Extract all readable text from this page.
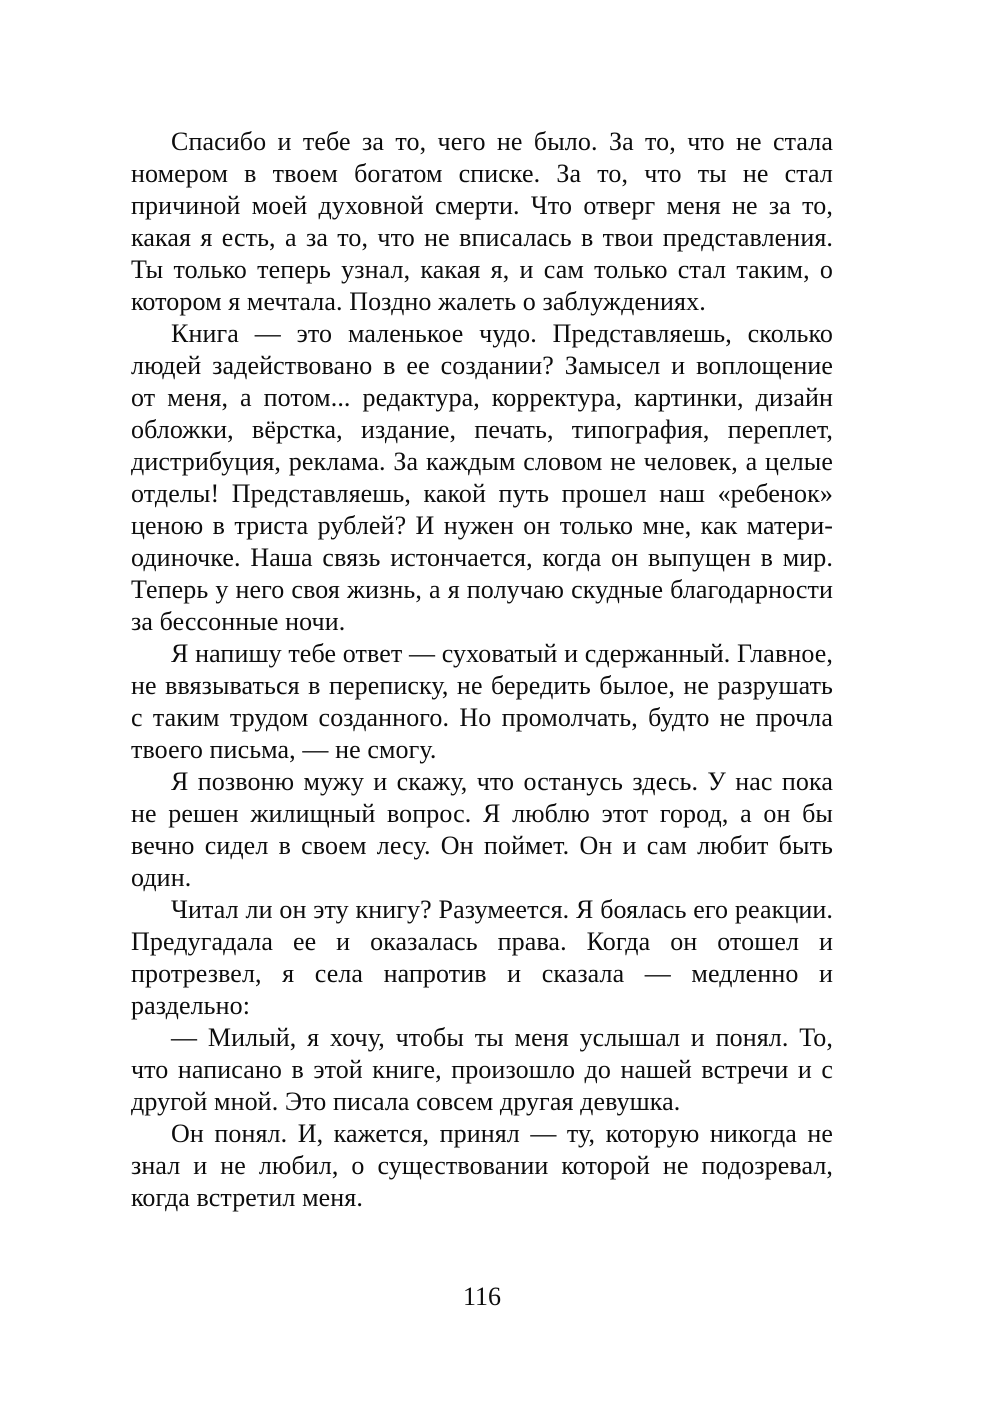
Спасибо и тебе за то, чего не было. За то, что не стала номером в твоем богатом списке. За то, что ты не стал причиной моей духовной смерти. Что отверг меня не за то, какая я есть, а за то, что не вписалась в твои представления. Ты только теперь узнал, какая я, и сам только стал таким, о котором я мечтала. Поздно жалеть о заблуждениях.

Книга — это маленькое чудо. Представляешь, сколько людей задействовано в ее создании? Замысел и воплощение от меня, а потом... редактура, корректура, картинки, дизайн обложки, вёрстка, издание, печать, типография, переплет, дистрибуция, реклама. За каждым словом не человек, а целые отделы! Представляешь, какой путь прошел наш «ребенок» ценою в триста рублей? И нужен он только мне, как матери-одиночке. Наша связь истончается, когда он выпущен в мир. Теперь у него своя жизнь, а я получаю скудные благодарности за бессонные ночи.

Я напишу тебе ответ — суховатый и сдержанный. Главное, не ввязываться в переписку, не бередить былое, не разрушать с таким трудом созданного. Но промолчать, будто не прочла твоего письма, — не смогу.

Я позвоню мужу и скажу, что останусь здесь. У нас пока не решен жилищный вопрос. Я люблю этот город, а он бы вечно сидел в своем лесу. Он поймет. Он и сам любит быть один.

Читал ли он эту книгу? Разумеется. Я боялась его реакции. Предугадала ее и оказалась права. Когда он отошел и протрезвел, я села напротив и сказала — медленно и раздельно:

— Милый, я хочу, чтобы ты меня услышал и понял. То, что написано в этой книге, произошло до нашей встречи и с другой мной. Это писала совсем другая девушка.

Он понял. И, кажется, принял — ту, которую никогда не знал и не любил, о существовании которой не подозревал, когда встретил меня.

116
